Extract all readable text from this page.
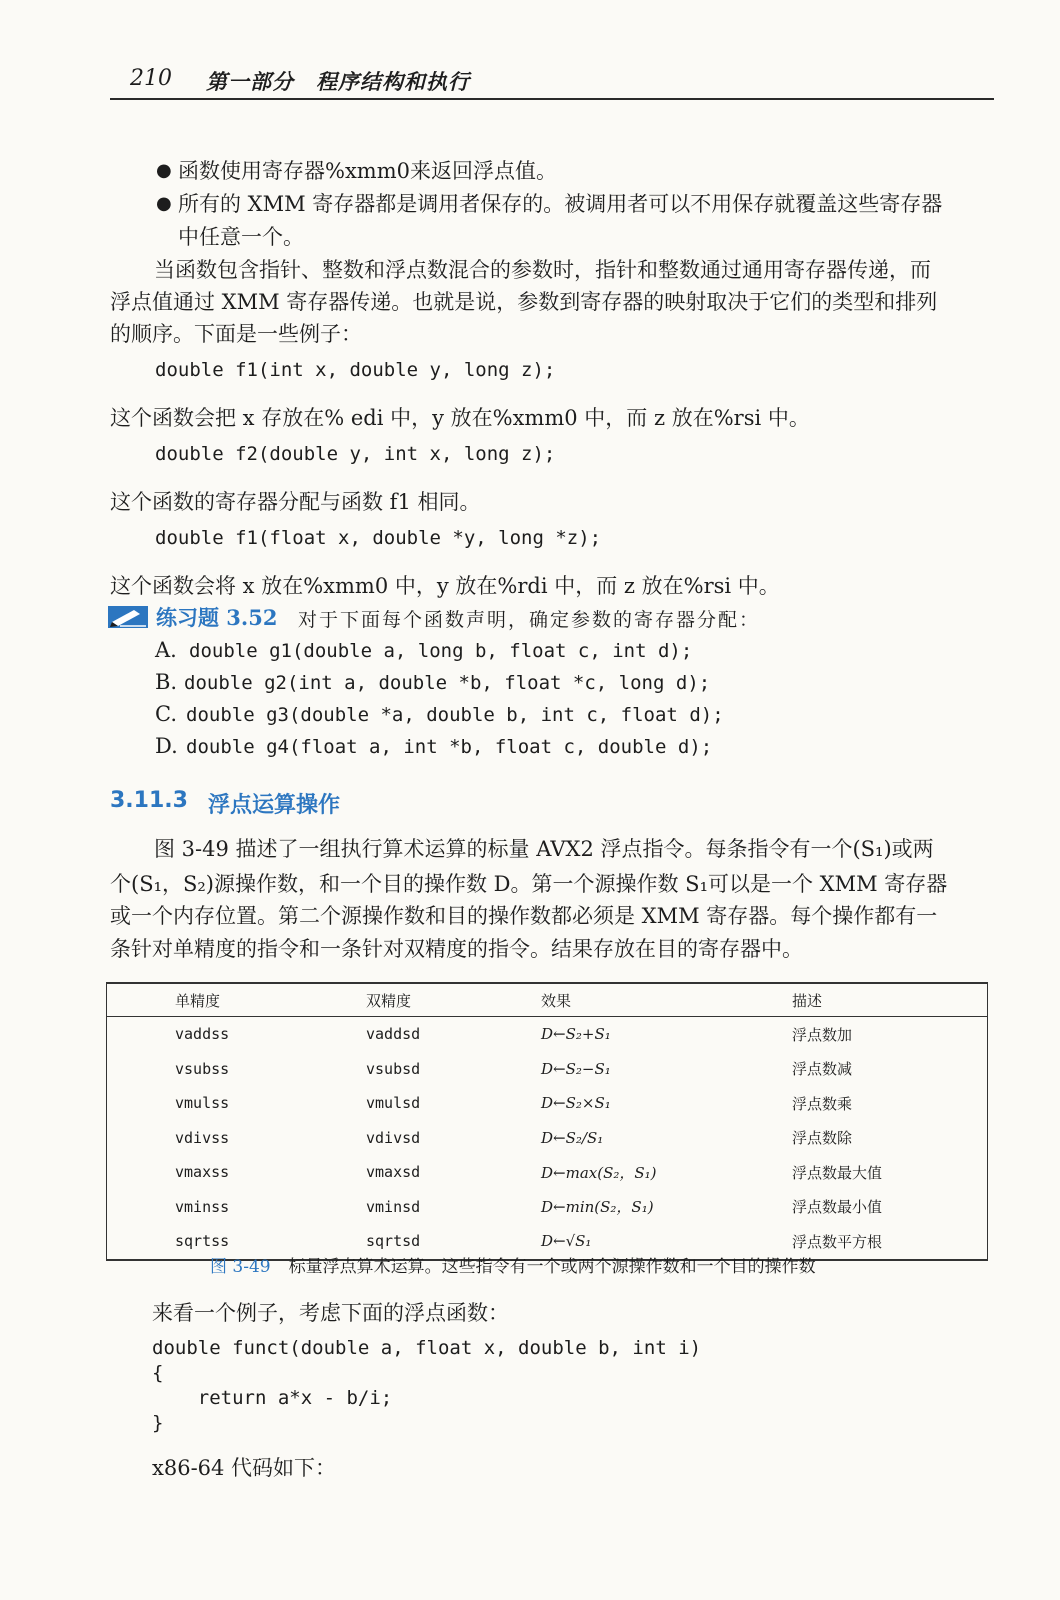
210 第一部分　程序结构和执行
● 函数使用寄存器%xmm0来返回浮点值。
● 所有的 XMM 寄存器都是调用者保存的。被调用者可以不用保存就覆盖这些寄存器
中任意一个。
当函数包含指针、整数和浮点数混合的参数时，指针和整数通过通用寄存器传递，而
浮点值通过 XMM 寄存器传递。也就是说，参数到寄存器的映射取决于它们的类型和排列
的顺序。下面是一些例子：
double f1(int x, double y, long z);
这个函数会把 x 存放在% edi 中，y 放在%xmm0 中，而 z 放在%rsi 中。
double f2(double y, int x, long z);
这个函数的寄存器分配与函数 f1 相同。
double f1(float x, double *y, long *z);
这个函数会将 x 放在%xmm0 中，y 放在%rdi 中，而 z 放在%rsi 中。
练习题 3.52 对于下面每个函数声明，确定参数的寄存器分配：
A. double g1(double a, long b, float c, int d);
B. double g2(int a, double *b, float *c, long d);
C. double g3(double *a, double b, int c, float d);
D. double g4(float a, int *b, float c, double d);
3.11.3 浮点运算操作
图 3-49 描述了一组执行算术运算的标量 AVX2 浮点指令。每条指令有一个(S₁)或两
个(S₁，S₂)源操作数，和一个目的操作数 D。第一个源操作数 S₁可以是一个 XMM 寄存器
或一个内存位置。第二个源操作数和目的操作数都必须是 XMM 寄存器。每个操作都有一
条针对单精度的指令和一条针对双精度的指令。结果存放在目的寄存器中。
单精度	双精度	效果	描述
vaddss	vaddsd	D←S₂+S₁	浮点数加
vsubss	vsubsd	D←S₂−S₁	浮点数减
vmulss	vmulsd	D←S₂×S₁	浮点数乘
vdivss	vdivsd	D←S₂/S₁	浮点数除
vmaxss	vmaxsd	D←max(S₂，S₁)	浮点数最大值
vminss	vminsd	D←min(S₂，S₁)	浮点数最小值
sqrtss	sqrtsd	D←√S₁	浮点数平方根
图 3-49 标量浮点算术运算。这些指令有一个或两个源操作数和一个目的操作数
来看一个例子，考虑下面的浮点函数：
double funct(double a, float x, double b, int i)
{
return a*x - b/i;
}
x86-64 代码如下：
